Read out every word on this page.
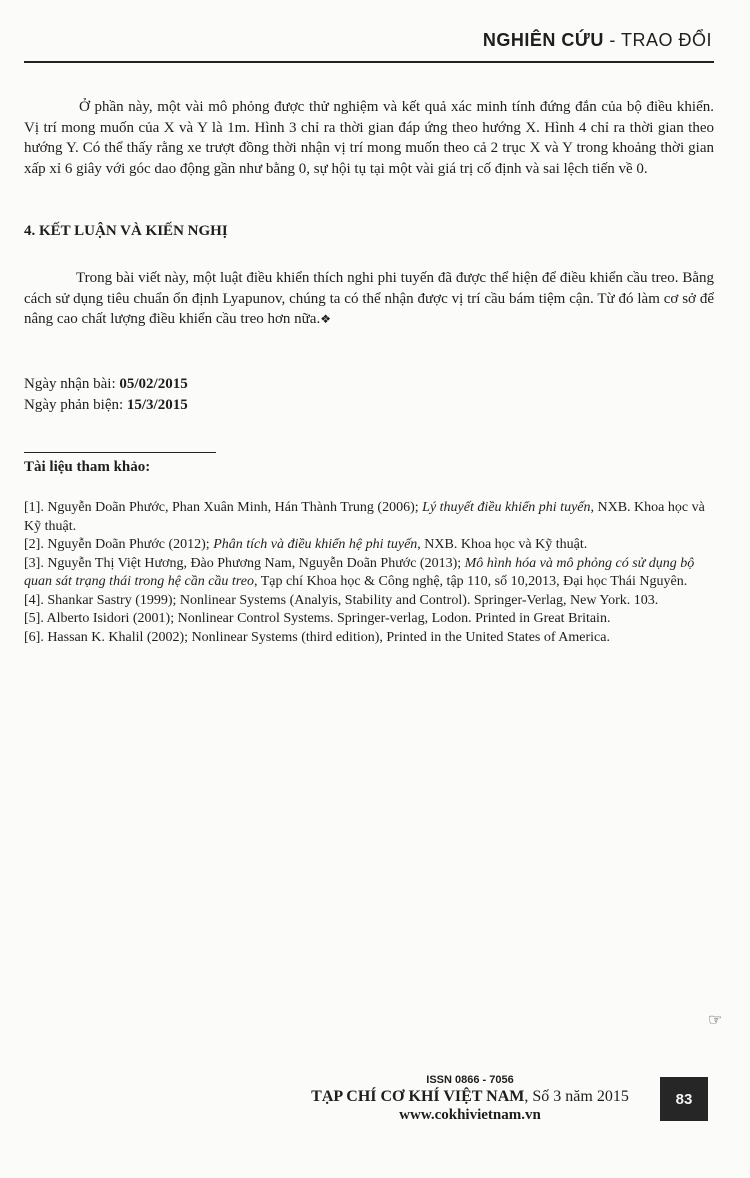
NGHIÊN CỨU - TRAO ĐỔI
Ở phần này, một vài mô phỏng được thử nghiệm và kết quả xác minh tính đứng đắn của bộ điều khiển. Vị trí mong muốn của X và Y là 1m. Hình 3 chỉ ra thời gian đáp ứng theo hướng X. Hình 4 chỉ ra thời gian theo hướng Y. Có thể thấy rằng xe trượt đồng thời nhận vị trí mong muốn theo cả 2 trục X và Y trong khoảng thời gian xấp xỉ 6 giây với góc dao động gần như bằng 0, sự hội tụ tại một vài giá trị cố định và sai lệch tiến về 0.
4. KẾT LUẬN VÀ KIẾN NGHỊ
Trong bài viết này, một luật điều khiển thích nghi phi tuyến đã được thể hiện để điều khiển cầu treo. Bằng cách sử dụng tiêu chuẩn ổn định Lyapunov, chúng ta có thể nhận được vị trí cầu bám tiệm cận. Từ đó làm cơ sở để nâng cao chất lượng điều khiển cầu treo hơn nữa.❖
Ngày nhận bài: 05/02/2015
Ngày phản biện: 15/3/2015
Tài liệu tham khảo:
[1]. Nguyễn Doãn Phước, Phan Xuân Minh, Hán Thành Trung (2006); Lý thuyết điều khiển phi tuyến, NXB. Khoa học và Kỹ thuật.
[2]. Nguyễn Doãn Phước (2012); Phân tích và điều khiển hệ phi tuyến, NXB. Khoa học và Kỹ thuật.
[3]. Nguyễn Thị Việt Hương, Đào Phương Nam, Nguyễn Doãn Phước (2013); Mô hình hóa và mô phỏng có sử dụng bộ quan sát trạng thái trong hệ cần cầu treo, Tạp chí Khoa học & Công nghệ, tập 110, số 10,2013, Đại học Thái Nguyên.
[4]. Shankar Sastry (1999); Nonlinear Systems (Analyis, Stability and Control). Springer-Verlag, New York. 103.
[5]. Alberto Isidori (2001); Nonlinear Control Systems. Springer-verlag, Lodon. Printed in Great Britain.
[6]. Hassan K. Khalil (2002); Nonlinear Systems (third edition), Printed in the United States of America.
☞
ISSN 0866 - 7056
TẠP CHÍ CƠ KHÍ VIỆT NAM, Số 3 năm 2015
www.cokhivietnam.vn
83
